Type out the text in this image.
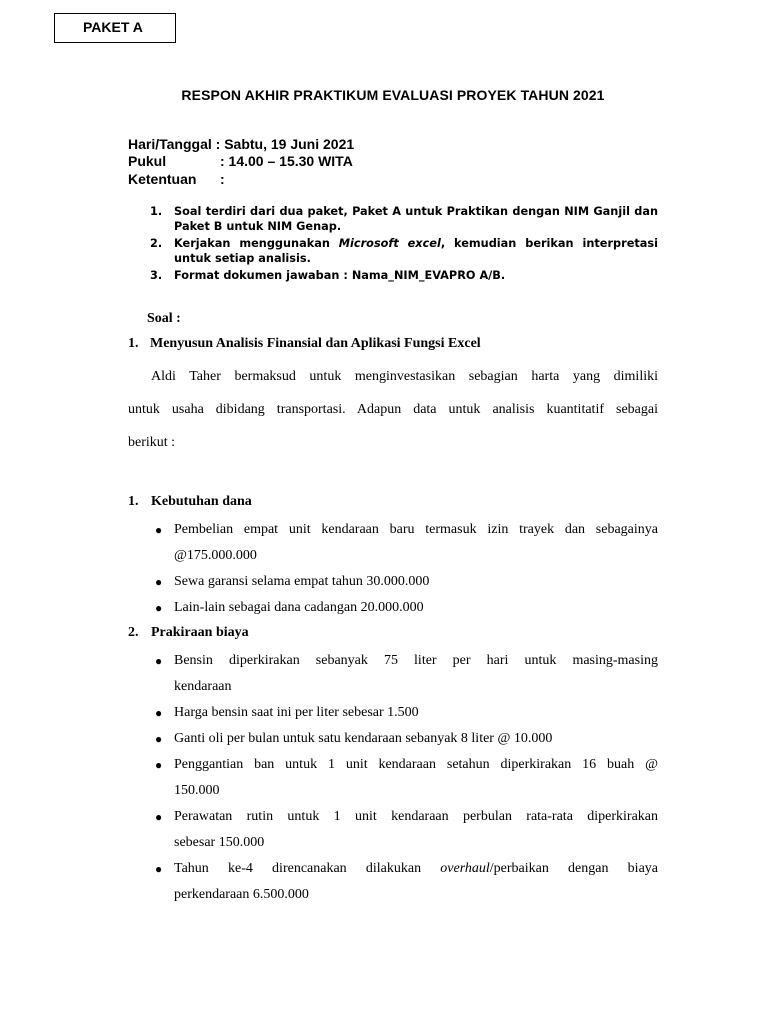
PAKET A
RESPON AKHIR PRAKTIKUM EVALUASI PROYEK TAHUN 2021
Hari/Tanggal : Sabtu, 19 Juni 2021
Pukul	: 14.00 – 15.30 WITA
Ketentuan :
1. Soal terdiri dari dua paket, Paket A untuk Praktikan dengan NIM Ganjil dan Paket B untuk NIM Genap.
2. Kerjakan menggunakan Microsoft excel, kemudian berikan interpretasi untuk setiap analisis.
3. Format dokumen jawaban : Nama_NIM_EVAPRO A/B.
Soal :
1. Menyusun Analisis Finansial dan Aplikasi Fungsi Excel
Aldi Taher bermaksud untuk menginvestasikan sebagian harta yang dimiliki
untuk usaha dibidang transportasi. Adapun data untuk analisis kuantitatif sebagai
berikut :
1. Kebutuhan dana
● Pembelian empat unit kendaraan baru termasuk izin trayek dan sebagainya
@175.000.000
● Sewa garansi selama empat tahun 30.000.000
● Lain-lain sebagai dana cadangan 20.000.000
2. Prakiraan biaya
● Bensin diperkirakan sebanyak 75 liter per hari untuk masing-masing
kendaraan
● Harga bensin saat ini per liter sebesar 1.500
● Ganti oli per bulan untuk satu kendaraan sebanyak 8 liter @ 10.000
● Penggantian ban untuk 1 unit kendaraan setahun diperkirakan 16 buah @
150.000
● Perawatan rutin untuk 1 unit kendaraan perbulan rata-rata diperkirakan
sebesar 150.000
● Tahun ke-4 direncanakan dilakukan overhaul/perbaikan dengan biaya
perkendaraan 6.500.000
